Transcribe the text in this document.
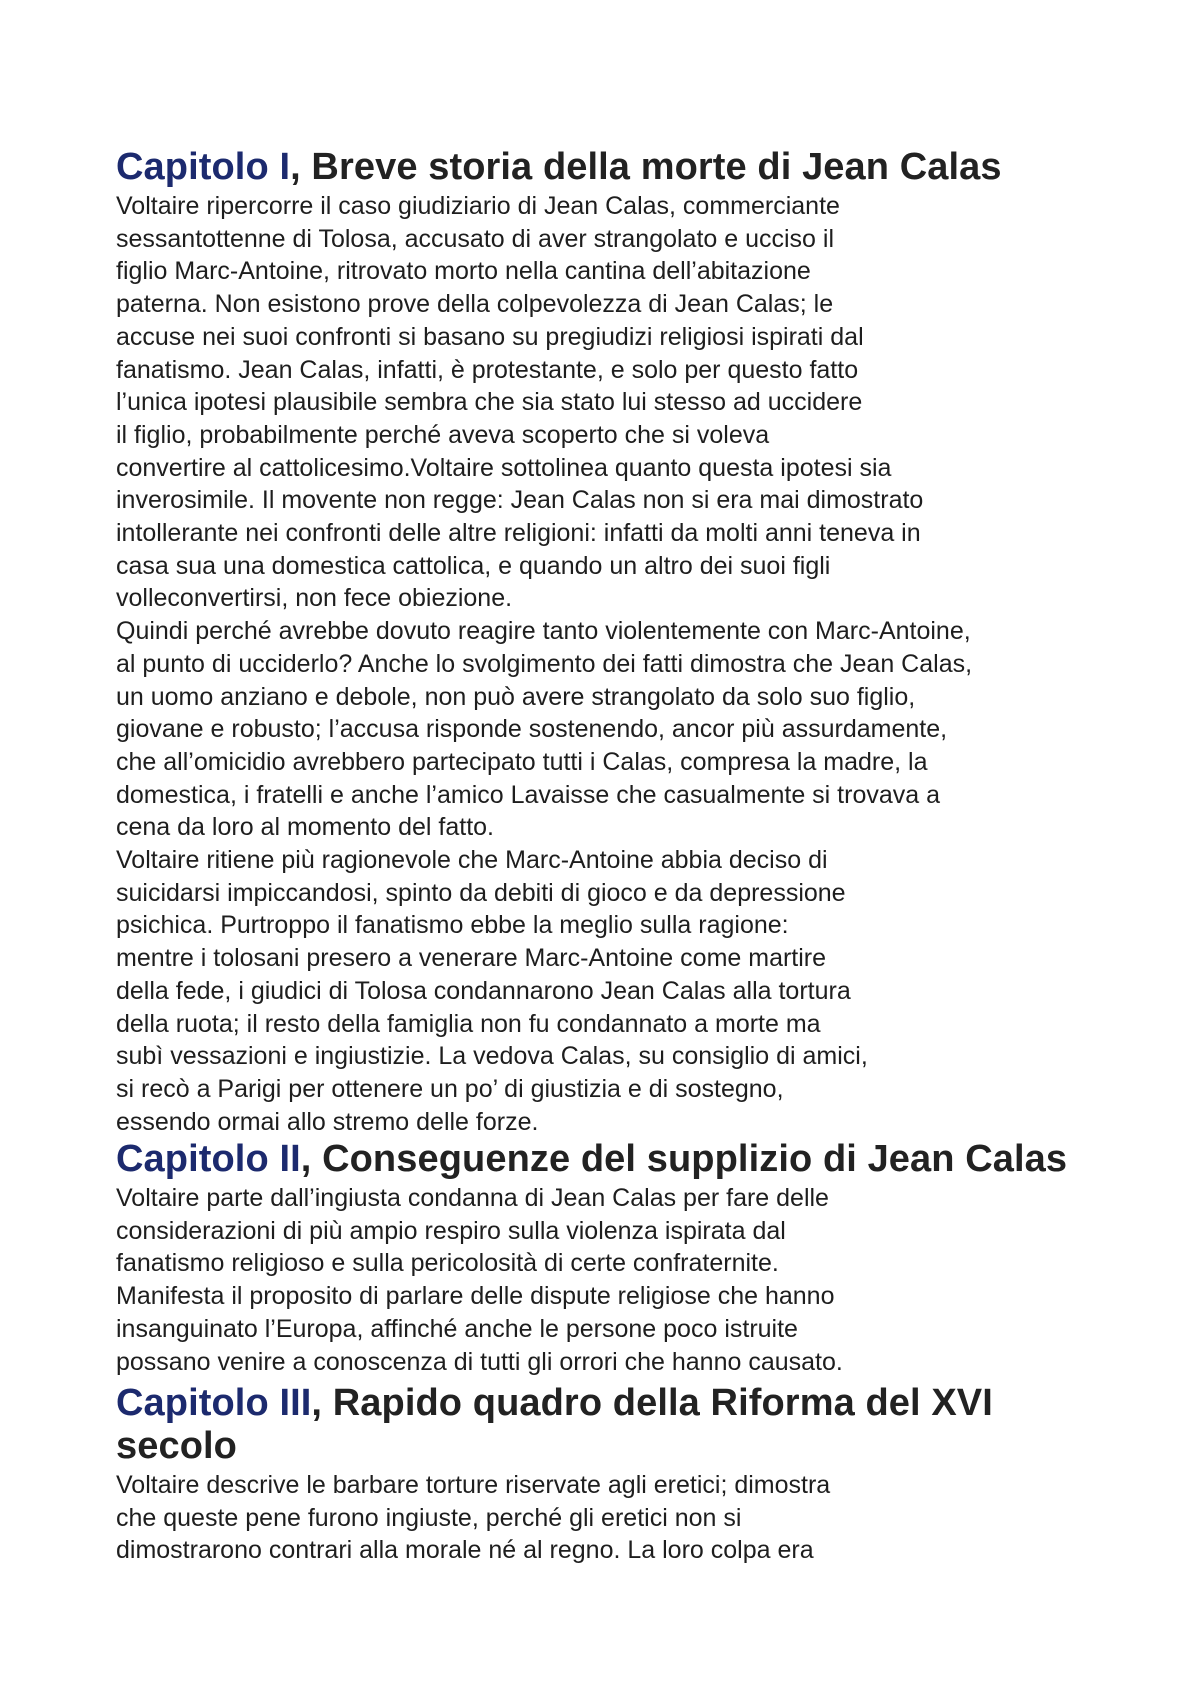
Capitolo I, Breve storia della morte di Jean Calas

Voltaire ripercorre il caso giudiziario di Jean Calas, commerciante
sessantottenne di Tolosa, accusato di aver strangolato e ucciso il
figlio Marc-Antoine, ritrovato morto nella cantina dell’abitazione
paterna. Non esistono prove della colpevolezza di Jean Calas; le
accuse nei suoi confronti si basano su pregiudizi religiosi ispirati dal
fanatismo. Jean Calas, infatti, è protestante, e solo per questo fatto
l’unica ipotesi plausibile sembra che sia stato lui stesso ad uccidere
il figlio, probabilmente perché aveva scoperto che si voleva
convertire al cattolicesimo.Voltaire sottolinea quanto questa ipotesi sia
inverosimile. Il movente non regge: Jean Calas non si era mai dimostrato
intollerante nei confronti delle altre religioni: infatti da molti anni teneva in
casa sua una domestica cattolica, e quando un altro dei suoi figli
volleconvertirsi, non fece obiezione.
Quindi perché avrebbe dovuto reagire tanto violentemente con Marc-Antoine,
al punto di ucciderlo? Anche lo svolgimento dei fatti dimostra che Jean Calas,
un uomo anziano e debole, non può avere strangolato da solo suo figlio,
giovane e robusto; l’accusa risponde sostenendo, ancor più assurdamente,
che all’omicidio avrebbero partecipato tutti i Calas, compresa la madre, la
domestica, i fratelli e anche l’amico Lavaisse che casualmente si trovava a
cena da loro al momento del fatto.
Voltaire ritiene più ragionevole che Marc-Antoine abbia deciso di
suicidarsi impiccandosi, spinto da debiti di gioco e da depressione
psichica. Purtroppo il fanatismo ebbe la meglio sulla ragione:
mentre i tolosani presero a venerare Marc-Antoine come martire
della fede, i giudici di Tolosa condannarono Jean Calas alla tortura
della ruota; il resto della famiglia non fu condannato a morte ma
subì vessazioni e ingiustizie. La vedova Calas, su consiglio di amici,
si recò a Parigi per ottenere un po’ di giustizia e di sostegno,
essendo ormai allo stremo delle forze.

Capitolo II, Conseguenze del supplizio di Jean Calas

Voltaire parte dall’ingiusta condanna di Jean Calas per fare delle
considerazioni di più ampio respiro sulla violenza ispirata dal
fanatismo religioso e sulla pericolosità di certe confraternite.
Manifesta il proposito di parlare delle dispute religiose che hanno
insanguinato l’Europa, affinché anche le persone poco istruite
possano venire a conoscenza di tutti gli orrori che hanno causato.

Capitolo III, Rapido quadro della Riforma del XVI
secolo

Voltaire descrive le barbare torture riservate agli eretici; dimostra
che queste pene furono ingiuste, perché gli eretici non si
dimostrarono contrari alla morale né al regno. La loro colpa era
